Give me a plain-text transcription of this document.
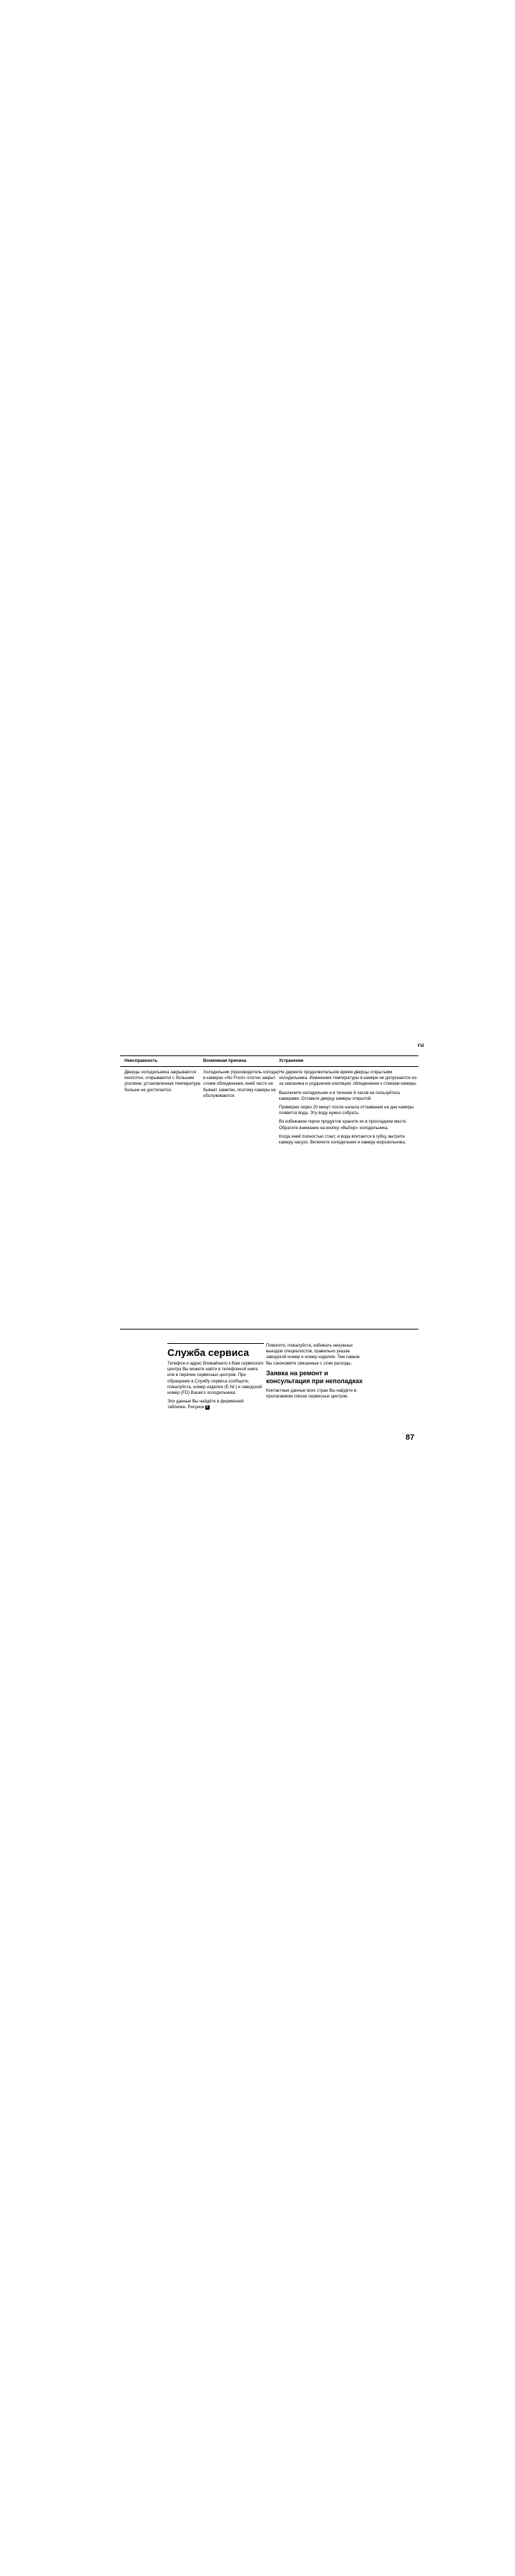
ru
Неисправность	Возможная причина	Устранение

Дверцы холодильника закрываются неплотно, открываются с большим усилием, установленная температура больше не достигается.

Холодильник (производитель холода) в камерах «No Frost» плотно закрыт слоем обледенения, иней часто не бывает заметен, поэтому камеры не обслуживаются.

Не держите продолжительное время дверцы открытыми холодильника. Изменения температуры в камере не допускаются из-за сквозняка и ухудшения изоляции; обледенение к стенкам камеры.

Выключите холодильник и в течение 6 часов не пользуйтесь камерами. Оставьте дверцу камеры открытой.

Примерно через 20 минут после начала оттаивания на дне камеры появится вода. Эту воду нужно собрать.

Во избежание порчи продуктов храните их в прохладном месте. Обратите внимание на кнопку «Выбор» холодильника.

Когда иней полностью стает, и вода впитается в губку, вытрите камеру насухо. Включите холодильник и камеру морозильника.

Служба сервиса

Телефон и адрес ближайшего к Вам сервисного центра Вы можете найти в телефонной книге или в перечне сервисных центров. При обращении в Службу сервиса сообщите, пожалуйста, номер изделия (E-Nr.) и заводской номер (FD) Вашего холодильника.

Эти данные Вы найдёте в фирменной табличке. Рисунок B

Помогите, пожалуйста, избежать ненужных выездов специалистов, правильно указав заводской номер и номер изделия. Тем самым Вы сэкономите связанные с этим расходы.

Заявка на ремонт и консультация при неполадках

Контактные данные всех стран Вы найдёте в прилагаемом списке сервисных центров.

87
